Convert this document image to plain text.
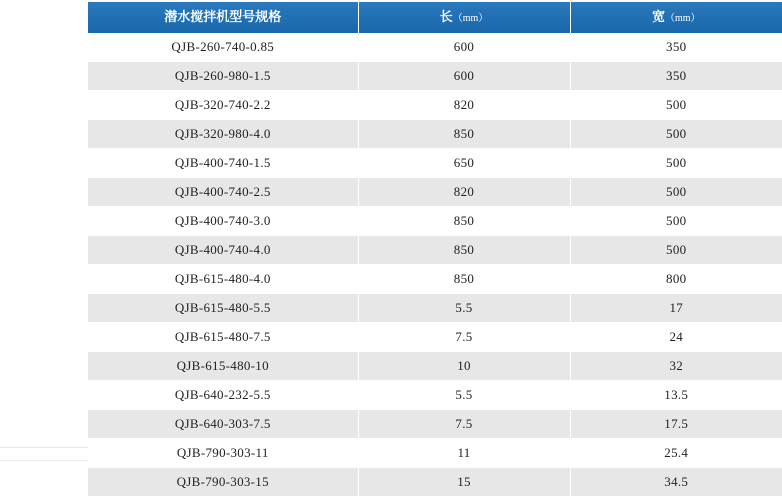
潜水搅拌机型号规格	长（mm）	宽（mm）
QJB-260-740-0.85	600	350
QJB-260-980-1.5	600	350
QJB-320-740-2.2	820	500
QJB-320-980-4.0	850	500
QJB-400-740-1.5	650	500
QJB-400-740-2.5	820	500
QJB-400-740-3.0	850	500
QJB-400-740-4.0	850	500
QJB-615-480-4.0	850	800
QJB-615-480-5.5	5.5	17
QJB-615-480-7.5	7.5	24
QJB-615-480-10	10	32
QJB-640-232-5.5	5.5	13.5
QJB-640-303-7.5	7.5	17.5
QJB-790-303-11	11	25.4
QJB-790-303-15	15	34.5
